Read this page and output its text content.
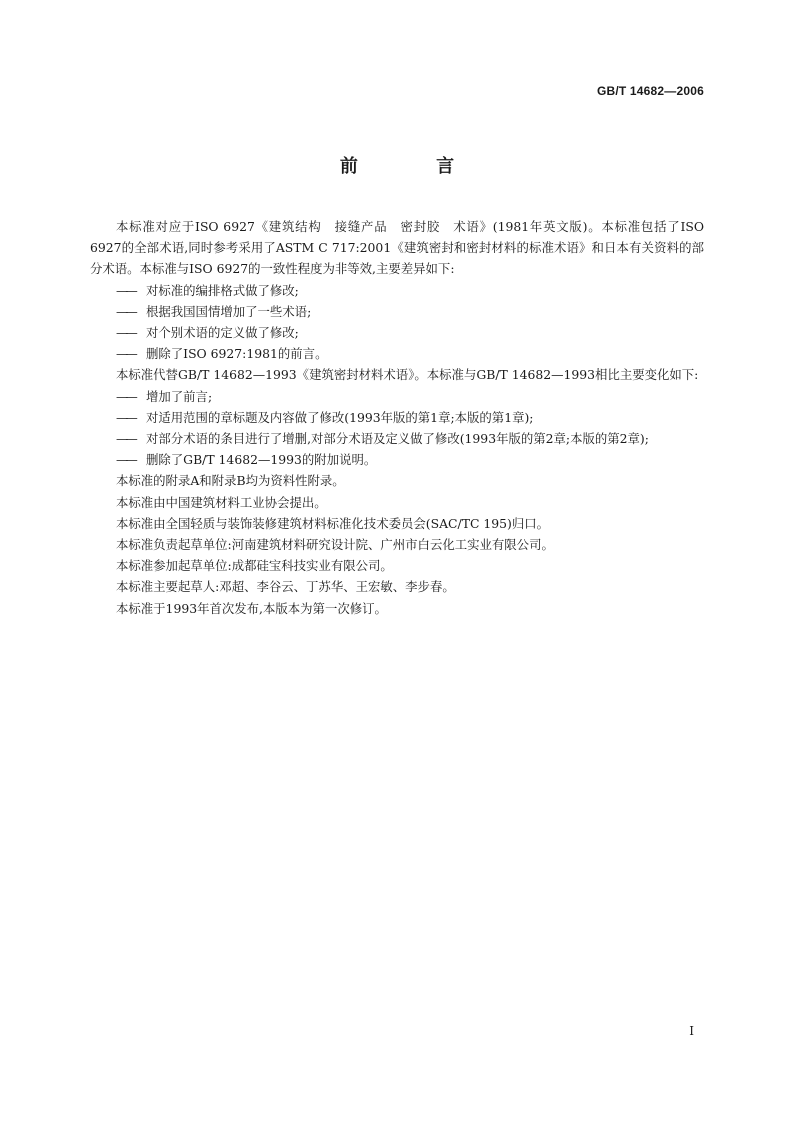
GB/T 14682—2006
前 言

本标准对应于ISO 6927《建筑结构　接缝产品　密封胶　术语》(1981年英文版)。本标准包括了ISO 6927的全部术语,同时参考采用了ASTM C 717:2001《建筑密封和密封材料的标准术语》和日本有关资料的部分术语。本标准与ISO 6927的一致性程度为非等效,主要差异如下:

—— 对标准的编排格式做了修改;

—— 根据我国国情增加了一些术语;

—— 对个别术语的定义做了修改;

—— 删除了ISO 6927:1981的前言。

本标准代替GB/T 14682—1993《建筑密封材料术语》。本标准与GB/T 14682—1993相比主要变化如下:

—— 增加了前言;

—— 对适用范围的章标题及内容做了修改(1993年版的第1章;本版的第1章);

—— 对部分术语的条目进行了增删,对部分术语及定义做了修改(1993年版的第2章;本版的第2章);

—— 删除了GB/T 14682—1993的附加说明。

本标准的附录A和附录B均为资料性附录。

本标准由中国建筑材料工业协会提出。

本标准由全国轻质与装饰装修建筑材料标准化技术委员会(SAC/TC 195)归口。

本标准负责起草单位:河南建筑材料研究设计院、广州市白云化工实业有限公司。

本标准参加起草单位:成都硅宝科技实业有限公司。

本标准主要起草人:邓超、李谷云、丁苏华、王宏敏、李步春。

本标准于1993年首次发布,本版本为第一次修订。

I
